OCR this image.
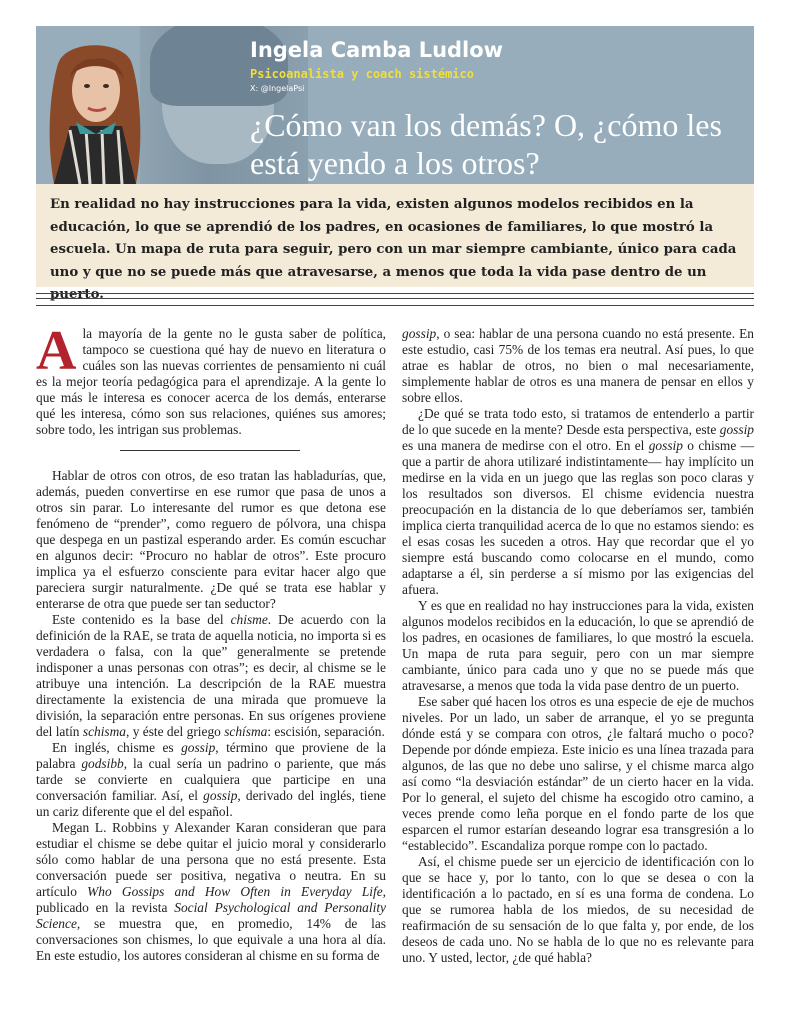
Ingela Camba Ludlow
Psicoanalista y coach sistémico
X: @IngelaPsi
¿Cómo van los demás? O, ¿cómo les está yendo a los otros?

En realidad no hay instrucciones para la vida, existen algunos modelos recibidos en la educación, lo que se aprendió de los padres, en ocasiones de familiares, lo que mostró la escuela. Un mapa de ruta para seguir, pero con un mar siempre cambiante, único para cada uno y que no se puede más que atravesarse, a menos que toda la vida pase dentro de un puerto.

Ala mayoría de la gente no le gusta saber de política, tampoco se cuestiona qué hay de nuevo en literatura o cuáles son las nuevas corrientes de pensamiento ni cuál es la mejor teoría pedagógica para el aprendizaje. A la gente lo que más le interesa es conocer acerca de los demás, enterarse qué les interesa, cómo son sus relaciones, quiénes sus amores; sobre todo, les intrigan sus problemas.

Hablar de otros con otros, de eso tratan las habladurías, que, además, pueden convertirse en ese rumor que pasa de unos a otros sin parar. Lo interesante del rumor es que detona ese fenómeno de “prender”, como reguero de pólvora, una chispa que despega en un pastizal esperando arder. Es común escuchar en algunos decir: “Procuro no hablar de otros”. Este procuro implica ya el esfuerzo consciente para evitar hacer algo que pareciera surgir naturalmente. ¿De qué se trata ese hablar y enterarse de otra que puede ser tan seductor?

Este contenido es la base del chisme. De acuerdo con la definición de la RAE, se trata de aquella noticia, no importa si es verdadera o falsa, con la que” generalmente se pretende indisponer a unas personas con otras”; es decir, al chisme se le atribuye una intención. La descripción de la RAE muestra directamente la existencia de una mirada que promueve la división, la separación entre personas. En sus orígenes proviene del latín schisma, y éste del griego schísma: escisión, separación.

En inglés, chisme es gossip, término que proviene de la palabra godsibb, la cual sería un padrino o pariente, que más tarde se convierte en cualquiera que participe en una conversación familiar. Así, el gossip, derivado del inglés, tiene un cariz diferente que el del español.

Megan L. Robbins y Alexander Karan consideran que para estudiar el chisme se debe quitar el juicio moral y considerarlo sólo como hablar de una persona que no está presente. Esta conversación puede ser positiva, negativa o neutra. En su artículo Who Gossips and How Often in Everyday Life, publicado en la revista Social Psychological and Personality Science, se muestra que, en promedio, 14% de las conversaciones son chismes, lo que equivale a una hora al día. En este estudio, los autores consideran al chisme en su forma de

gossip, o sea: hablar de una persona cuando no está presente. En este estudio, casi 75% de los temas era neutral. Así pues, lo que atrae es hablar de otros, no bien o mal necesariamente, simplemente hablar de otros es una manera de pensar en ellos y sobre ellos.

¿De qué se trata todo esto, si tratamos de entenderlo a partir de lo que sucede en la mente? Desde esta perspectiva, este gossip es una manera de medirse con el otro. En el gossip o chisme —que a partir de ahora utilizaré indistintamente— hay implícito un medirse en la vida en un juego que las reglas son poco claras y los resultados son diversos. El chisme evidencia nuestra preocupación en la distancia de lo que deberíamos ser, también implica cierta tranquilidad acerca de lo que no estamos siendo: es el esas cosas les suceden a otros. Hay que recordar que el yo siempre está buscando como colocarse en el mundo, como adaptarse a él, sin perderse a sí mismo por las exigencias del afuera.

Y es que en realidad no hay instrucciones para la vida, existen algunos modelos recibidos en la educación, lo que se aprendió de los padres, en ocasiones de familiares, lo que mostró la escuela. Un mapa de ruta para seguir, pero con un mar siempre cambiante, único para cada uno y que no se puede más que atravesarse, a menos que toda la vida pase dentro de un puerto.

Ese saber qué hacen los otros es una especie de eje de muchos niveles. Por un lado, un saber de arranque, el yo se pregunta dónde está y se compara con otros, ¿le faltará mucho o poco? Depende por dónde empieza. Este inicio es una línea trazada para algunos, de las que no debe uno salirse, y el chisme marca algo así como “la desviación estándar” de un cierto hacer en la vida. Por lo general, el sujeto del chisme ha escogido otro camino, a veces prende como leña porque en el fondo parte de los que esparcen el rumor estarían deseando lograr esa transgresión a lo “establecido”. Escandaliza porque rompe con lo pactado.

Así, el chisme puede ser un ejercicio de identificación con lo que se hace y, por lo tanto, con lo que se desea o con la identificación a lo pactado, en sí es una forma de condena. Lo que se rumorea habla de los miedos, de su necesidad de reafirmación de su sensación de lo que falta y, por ende, de los deseos de cada uno. No se habla de lo que no es relevante para uno. Y usted, lector, ¿de qué habla?
